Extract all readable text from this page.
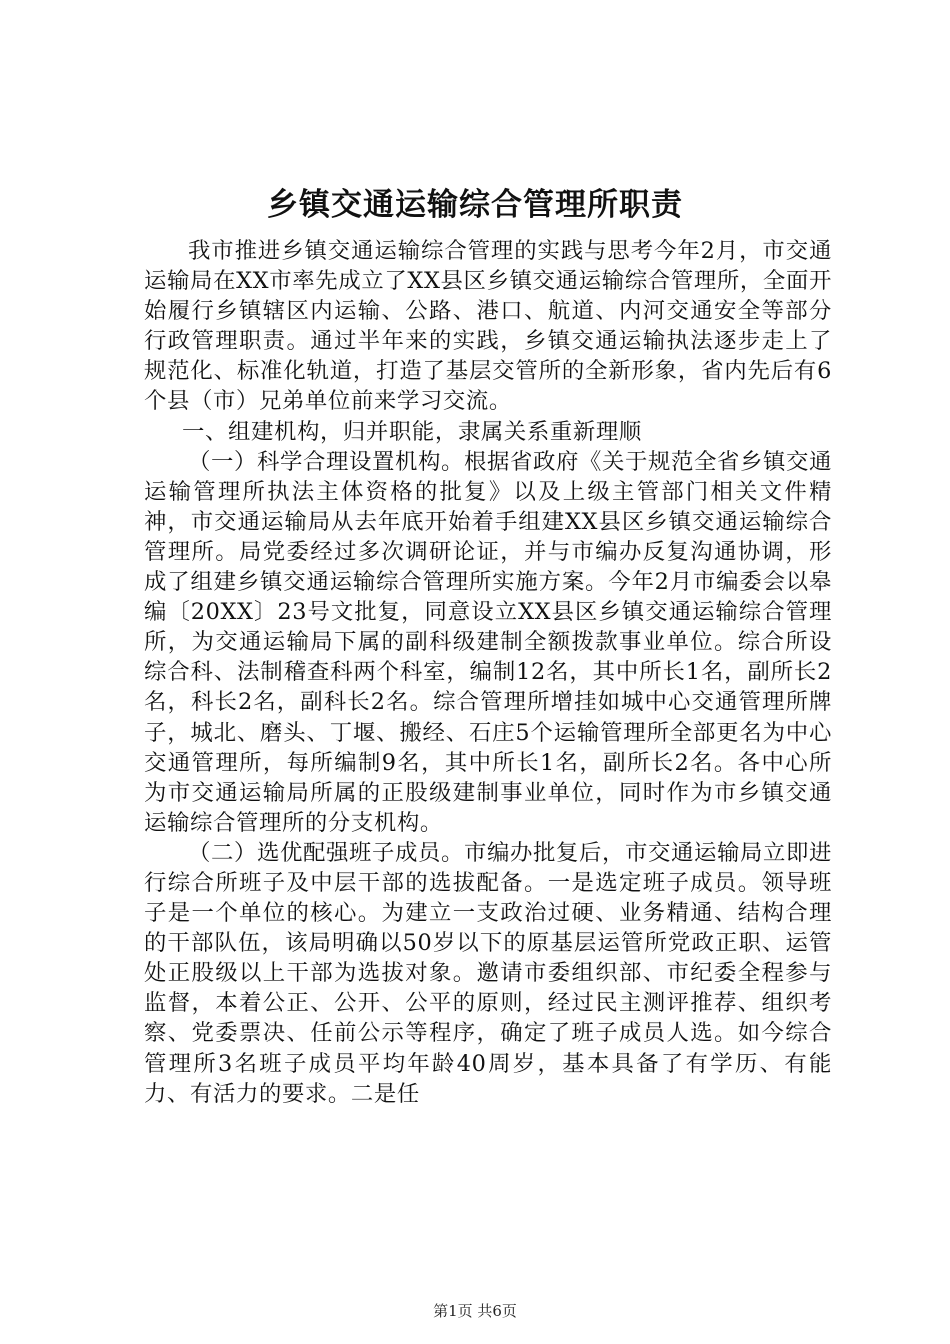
乡镇交通运输综合管理所职责

我市推进乡镇交通运输综合管理的实践与思考今年2月，市交通运输局在XX市率先成立了XX县区乡镇交通运输综合管理所，全面开始履行乡镇辖区内运输、公路、港口、航道、内河交通安全等部分行政管理职责。通过半年来的实践，乡镇交通运输执法逐步走上了规范化、标准化轨道，打造了基层交管所的全新形象，省内先后有6个县（市）兄弟单位前来学习交流。

一、组建机构，归并职能，隶属关系重新理顺

（一）科学合理设置机构。根据省政府《关于规范全省乡镇交通运输管理所执法主体资格的批复》以及上级主管部门相关文件精神，市交通运输局从去年底开始着手组建XX县区乡镇交通运输综合管理所。局党委经过多次调研论证，并与市编办反复沟通协调，形成了组建乡镇交通运输综合管理所实施方案。今年2月市编委会以皋编〔20XX〕23号文批复，同意设立XX县区乡镇交通运输综合管理所，为交通运输局下属的副科级建制全额拨款事业单位。综合所设综合科、法制稽查科两个科室，编制12名，其中所长1名，副所长2名，科长2名，副科长2名。综合管理所增挂如城中心交通管理所牌子，城北、磨头、丁堰、搬经、石庄5个运输管理所全部更名为中心交通管理所，每所编制9名，其中所长1名，副所长2名。各中心所为市交通运输局所属的正股级建制事业单位，同时作为市乡镇交通运输综合管理所的分支机构。

（二）选优配强班子成员。市编办批复后，市交通运输局立即进行综合所班子及中层干部的选拔配备。一是选定班子成员。领导班子是一个单位的核心。为建立一支政治过硬、业务精通、结构合理的干部队伍，该局明确以50岁以下的原基层运管所党政正职、运管处正股级以上干部为选拔对象。邀请市委组织部、市纪委全程参与监督，本着公正、公开、公平的原则，经过民主测评推荐、组织考察、党委票决、任前公示等程序，确定了班子成员人选。如今综合管理所3名班子成员平均年龄40周岁，基本具备了有学历、有能力、有活力的要求。二是任

第1页 共6页
